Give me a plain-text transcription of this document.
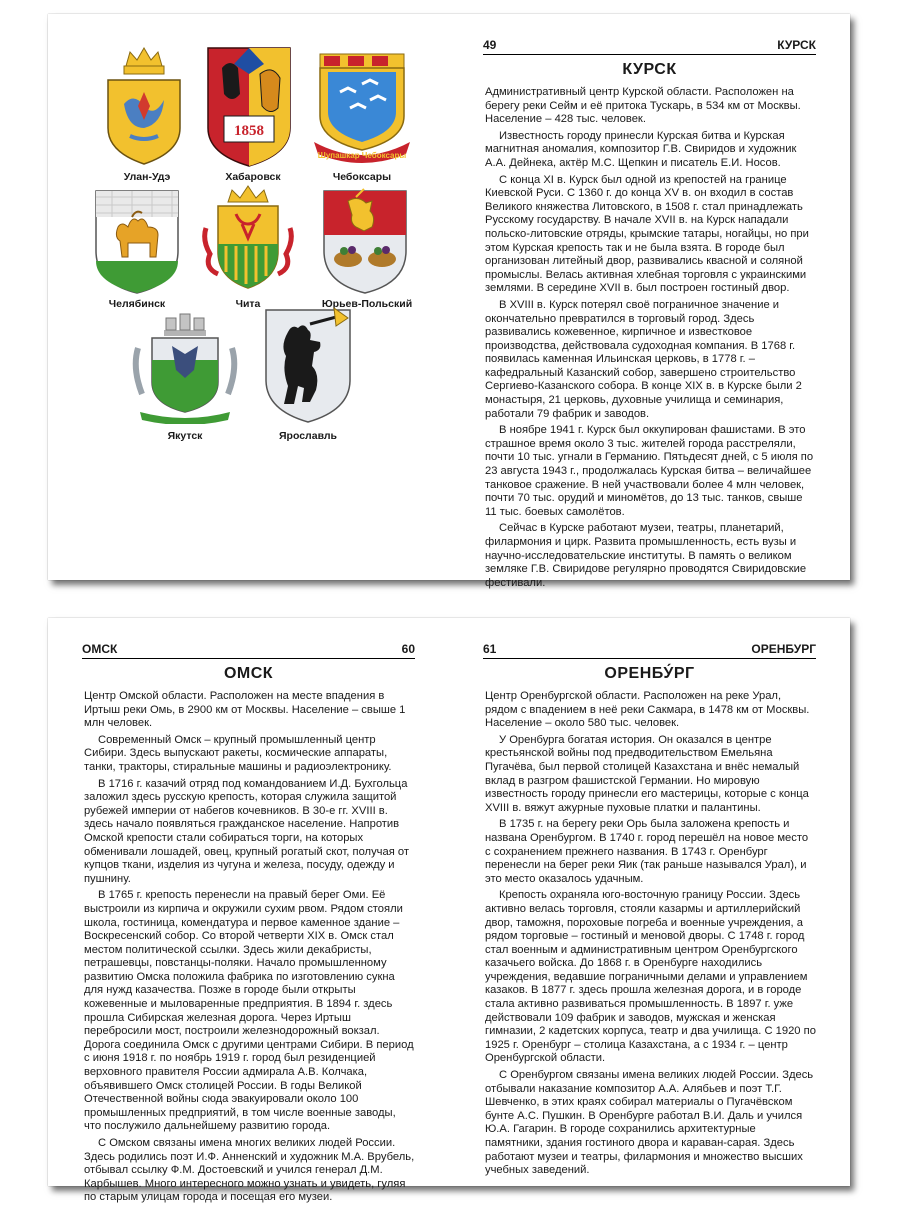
Улан-Удэ
1858
Хабаровск
Шупашкар Чебоксары
Чебоксары
Челябинск	Чита	Юрьев-Польский
Якутск	Ярославль
49	КУРСК
КУРСК

Административный центр Курской области. Расположен на берегу реки Сейм и её притока Тускарь, в 534 км от Москвы. Население – 428 тыс. человек.

Известность городу принесли Курская битва и Курская магнитная аномалия, композитор Г.В. Свиридов и художник А.А. Дейнека, актёр М.С. Щепкин и писатель Е.И. Носов.

С конца XI в. Курск был одной из крепостей на границе Киевской Руси. С 1360 г. до конца XV в. он входил в состав Великого княжества Литовского, в 1508 г. стал принадлежать Русскому государству. В начале XVII в. на Курск нападали польско-литовские отряды, крымские татары, ногайцы, но при этом Курская крепость так и не была взята. В городе был организован литейный двор, развивались квасной и соляной промыслы. Велась активная хлебная торговля с украинскими землями. В середине XVII в. был построен гостиный двор.

В XVIII в. Курск потерял своё пограничное значение и окончательно превратился в торговый город. Здесь развивались кожевенное, кирпичное и известковое производства, действовала судоходная компания. В 1768 г. появилась каменная Ильинская церковь, в 1778 г. – кафедральный Казанский собор, завершено строительство Сергиево-Казанского собора. В конце XIX в. в Курске были 2 монастыря, 21 церковь, духовные училища и семинария, работали 79 фабрик и заводов.

В ноябре 1941 г. Курск был оккупирован фашистами. В это страшное время около 3 тыс. жителей города расстреляли, почти 10 тыс. угнали в Германию. Пятьдесят дней, с 5 июля по 23 августа 1943 г., продолжалась Курская битва – величайшее танковое сражение. В ней участвовали более 4 млн человек, почти 70 тыс. орудий и миномётов, до 13 тыс. танков, свыше 11 тыс. боевых самолётов.

Сейчас в Курске работают музеи, театры, планетарий, филармония и цирк. Развита промышленность, есть вузы и научно-исследовательские институты. В память о великом земляке Г.В. Свиридове регулярно проводятся Свиридовские фестивали.

ОМСК	60
ОМСК

Центр Омской области. Расположен на месте впадения в Иртыш реки Омь, в 2900 км от Москвы. Население – свыше 1 млн человек.

Современный Омск – крупный промышленный центр Сибири. Здесь выпускают ракеты, космические аппараты, танки, тракторы, стиральные машины и радиоэлектронику.

В 1716 г. казачий отряд под командованием И.Д. Бухгольца заложил здесь русскую крепость, которая служила защитой рубежей империи от набегов кочевников. В 30-е гг. XVIII в. здесь начало появляться гражданское население. Напротив Омской крепости стали собираться торги, на которых обменивали лошадей, овец, крупный рогатый скот, получая от купцов ткани, изделия из чугуна и железа, посуду, одежду и пушнину.

В 1765 г. крепость перенесли на правый берег Оми. Её выстроили из кирпича и окружили сухим рвом. Рядом стояли школа, гостиница, комендатура и первое каменное здание – Воскресенский собор. Со второй четверти XIX в. Омск стал местом политической ссылки. Здесь жили декабристы, петрашевцы, повстанцы-поляки. Начало промышленному развитию Омска положила фабрика по изготовлению сукна для нужд казачества. Позже в городе были открыты кожевенные и мыловаренные предприятия. В 1894 г. здесь прошла Сибирская железная дорога. Через Иртыш перебросили мост, построили железнодорожный вокзал. Дорога соединила Омск с другими центрами Сибири. В период с июня 1918 г. по ноябрь 1919 г. город был резиденцией верховного правителя России адмирала А.В. Колчака, объявившего Омск столицей России. В годы Великой Отечественной войны сюда эвакуировали около 100 промышленных предприятий, в том числе военные заводы, что послужило дальнейшему развитию города.

С Омском связаны имена многих великих людей России. Здесь родились поэт И.Ф. Анненский и художник М.А. Врубель, отбывал ссылку Ф.М. Достоевский и учился генерал Д.М. Карбышев. Много интересного можно узнать и увидеть, гуляя по старым улицам города и посещая его музеи.

61	ОРЕНБУРГ
ОРЕНБУ́РГ

Центр Оренбургской области. Расположен на реке Урал, рядом с впадением в неё реки Сакмара, в 1478 км от Москвы. Население – около 580 тыс. человек.

У Оренбурга богатая история. Он оказался в центре крестьянской войны под предводительством Емельяна Пугачёва, был первой столицей Казахстана и внёс немалый вклад в разгром фашистской Германии. Но мировую известность городу принесли его мастерицы, которые с конца XVIII в. вяжут ажурные пуховые платки и палантины.

В 1735 г. на берегу реки Орь была заложена крепость и названа Оренбургом. В 1740 г. город перешёл на новое место с сохранением прежнего названия. В 1743 г. Оренбург перенесли на берег реки Яик (так раньше назывался Урал), и это место оказалось удачным.

Крепость охраняла юго-восточную границу России. Здесь активно велась торговля, стояли казармы и артиллерийский двор, таможня, пороховые погреба и военные учреждения, а рядом торговые – гостиный и меновой дворы. С 1748 г. город стал военным и административным центром Оренбургского казачьего войска. До 1868 г. в Оренбурге находились учреждения, ведавшие пограничными делами и управлением казаков. В 1877 г. здесь прошла железная дорога, и в городе стала активно развиваться промышленность. В 1897 г. уже действовали 109 фабрик и заводов, мужская и женская гимназии, 2 кадетских корпуса, театр и два училища. С 1920 по 1925 г. Оренбург – столица Казахстана, а с 1934 г. – центр Оренбургской области.

С Оренбургом связаны имена великих людей России. Здесь отбывали наказание композитор А.А. Алябьев и поэт Т.Г. Шевченко, в этих краях собирал материалы о Пугачёвском бунте А.С. Пушкин. В Оренбурге работал В.И. Даль и учился Ю.А. Гагарин. В городе сохранились архитектурные памятники, здания гостиного двора и караван-сарая. Здесь работают музеи и театры, филармония и множество высших учебных заведений.
